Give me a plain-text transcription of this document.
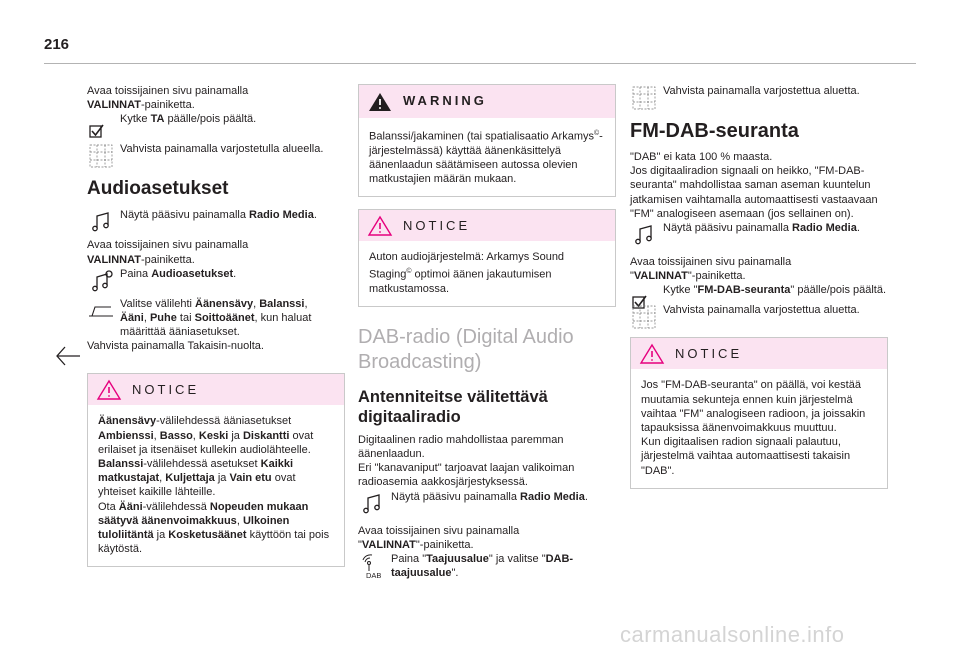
216

Avaa toissijainen sivu painamalla
VALINNAT-painiketta.

Kytke TA päälle/pois päältä.
Vahvista painamalla varjostetulla alueella.
Audioasetukset
Näytä pääsivu painamalla Radio Media.

Avaa toissijainen sivu painamalla
VALINNAT-painiketta.

Paina Audioasetukset.
Valitse välilehti Äänensävy, Balanssi,
Ääni, Puhe tai Soittoäänet, kun haluat määrittää ääniasetukset.
Vahvista painamalla Takaisin-nuolta.
NOTICE
Äänensävy-välilehdessä ääniasetukset Ambienssi, Basso, Keski ja Diskantti ovat erilaiset ja itsenäiset kullekin audiolähteelle.
Balanssi-välilehdessä asetukset Kaikki matkustajat, Kuljettaja ja Vain etu ovat yhteiset kaikille lähteille.
Ota Ääni-välilehdessä Nopeuden mukaan säätyvä äänenvoimakkuus, Ulkoinen tuloliitäntä ja Kosketusäänet käyttöön tai pois käytöstä.
WARNING
Balanssi/jakaminen (tai spatialisaatio Arkamys©-järjestelmässä) käyttää äänenkäsittelyä äänenlaadun säätämiseen autossa olevien matkustajien määrän mukaan.
NOTICE
Auton audiojärjestelmä: Arkamys Sound Staging© optimoi äänen jakautumisen matkustamossa.
DAB-radio (Digital Audio Broadcasting)
Antenniteitse välitettävä digitaaliradio

Digitaalinen radio mahdollistaa paremman äänenlaadun.
Eri "kanavaniput" tarjoavat laajan valikoiman radioasemia aakkosjärjestyksessä.

Näytä pääsivu painamalla Radio Media.

Avaa toissijainen sivu painamalla
"VALINNAT"-painiketta.

DAB
Paina "Taajuusalue" ja valitse "DAB-taajuusalue".
Vahvista painamalla varjostettua aluetta.
FM-DAB-seuranta

"DAB" ei kata 100 % maasta.
Jos digitaaliradion signaali on heikko, "FM-DAB-seuranta" mahdollistaa saman aseman kuuntelun jatkamisen vaihtamalla automaattisesti vastaavaan "FM" analogiseen asemaan (jos sellainen on).

Näytä pääsivu painamalla Radio Media.

Avaa toissijainen sivu painamalla
"VALINNAT"-painiketta.

Kytke "FM-DAB-seuranta" päälle/pois päältä.
Vahvista painamalla varjostettua aluetta.
NOTICE
Jos "FM-DAB-seuranta" on päällä, voi kestää muutamia sekunteja ennen kuin järjestelmä vaihtaa "FM" analogiseen radioon, ja joissakin tapauksissa äänenvoimakkuus muuttuu.
Kun digitaalisen radion signaali palautuu, järjestelmä vaihtaa automaattisesti takaisin "DAB".
carmanualsonline.info
